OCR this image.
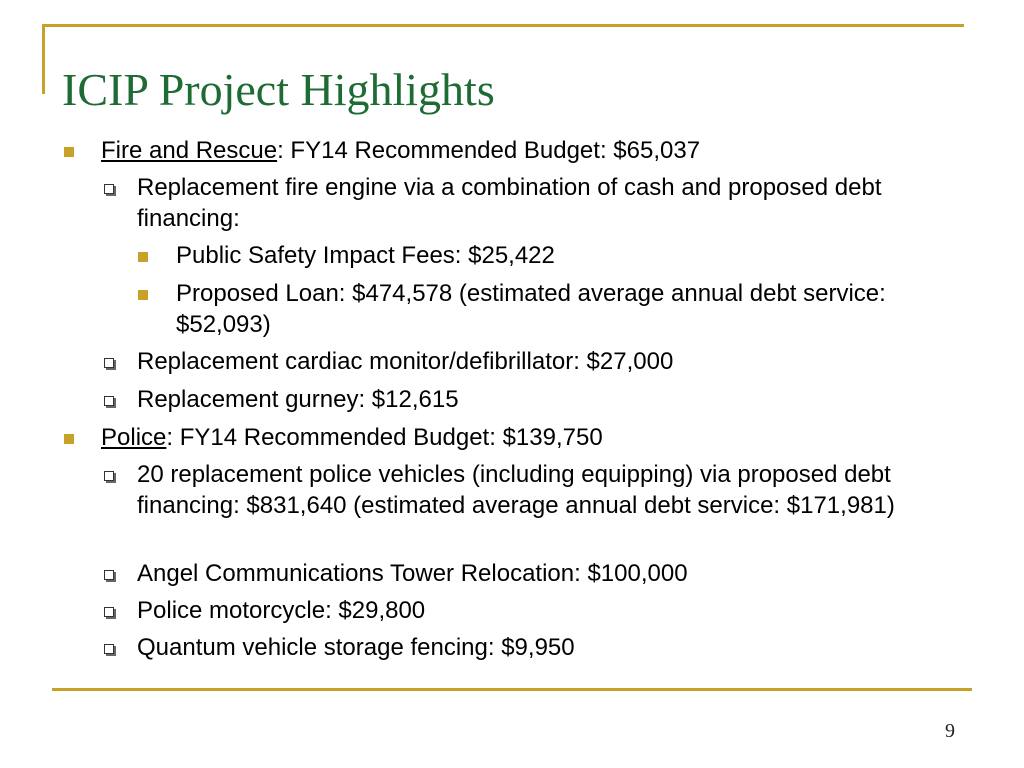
ICIP Project Highlights
Fire and Rescue: FY14 Recommended Budget: $65,037
Replacement fire engine via a combination of cash and proposed debt financing:
Public Safety Impact Fees: $25,422
Proposed Loan: $474,578 (estimated average annual debt service: $52,093)
Replacement cardiac monitor/defibrillator: $27,000
Replacement gurney: $12,615
Police: FY14 Recommended Budget: $139,750
20 replacement police vehicles (including equipping) via proposed debt financing: $831,640 (estimated average annual debt service: $171,981)
Angel Communications Tower Relocation: $100,000
Police motorcycle: $29,800
Quantum vehicle storage fencing: $9,950
9
